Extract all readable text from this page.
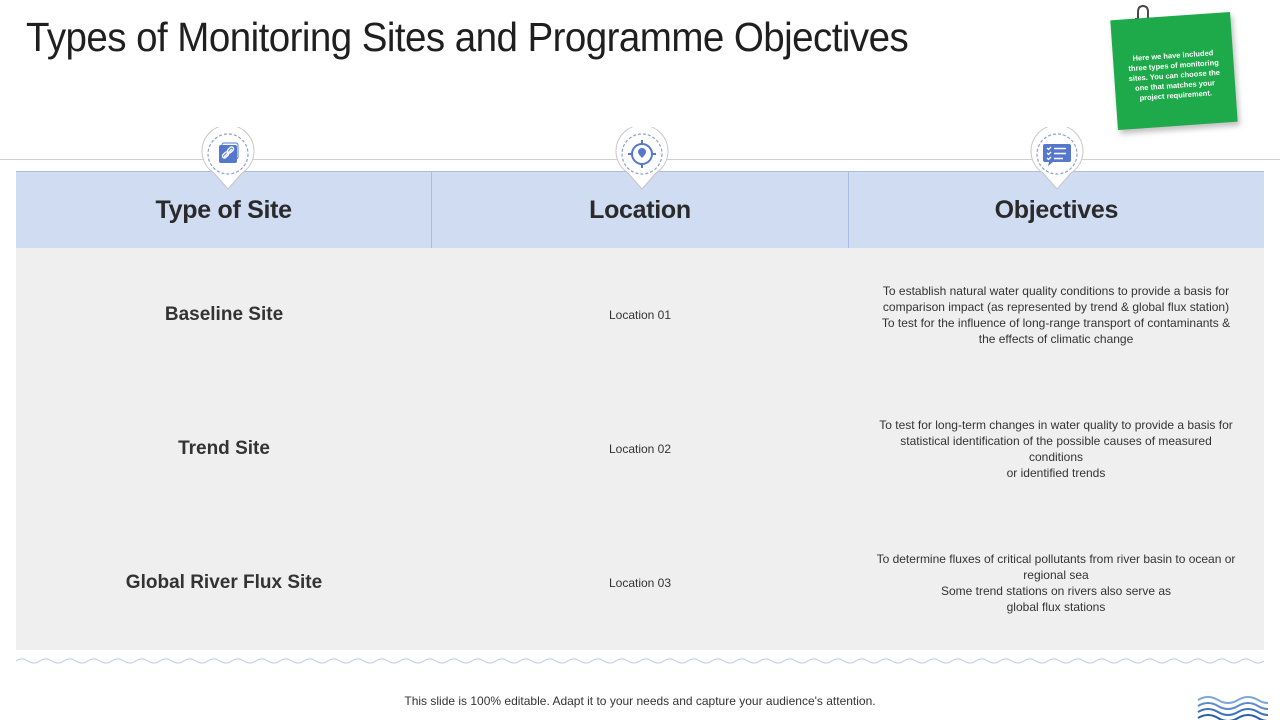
Types of Monitoring Sites and Programme Objectives	Here we have included three types of monitoring sites. You can choose the one that matches your project requirement.
Type of Site	Location	Objectives
Baseline Site	Location 01
To establish natural water quality conditions to provide a basis for
comparison impact (as represented by trend & global flux station)
To test for the influence of long-range transport of contaminants &
the effects of climatic change
Trend Site	Location 02
To test for long-term changes in water quality to provide a basis for
statistical identification of the possible causes of measured
conditions
or identified trends
Global River Flux Site	Location 03
To determine fluxes of critical pollutants from river basin to ocean or
regional sea
Some trend stations on rivers also serve as
global flux stations
This slide is 100% editable. Adapt it to your needs and capture your audience's attention.
